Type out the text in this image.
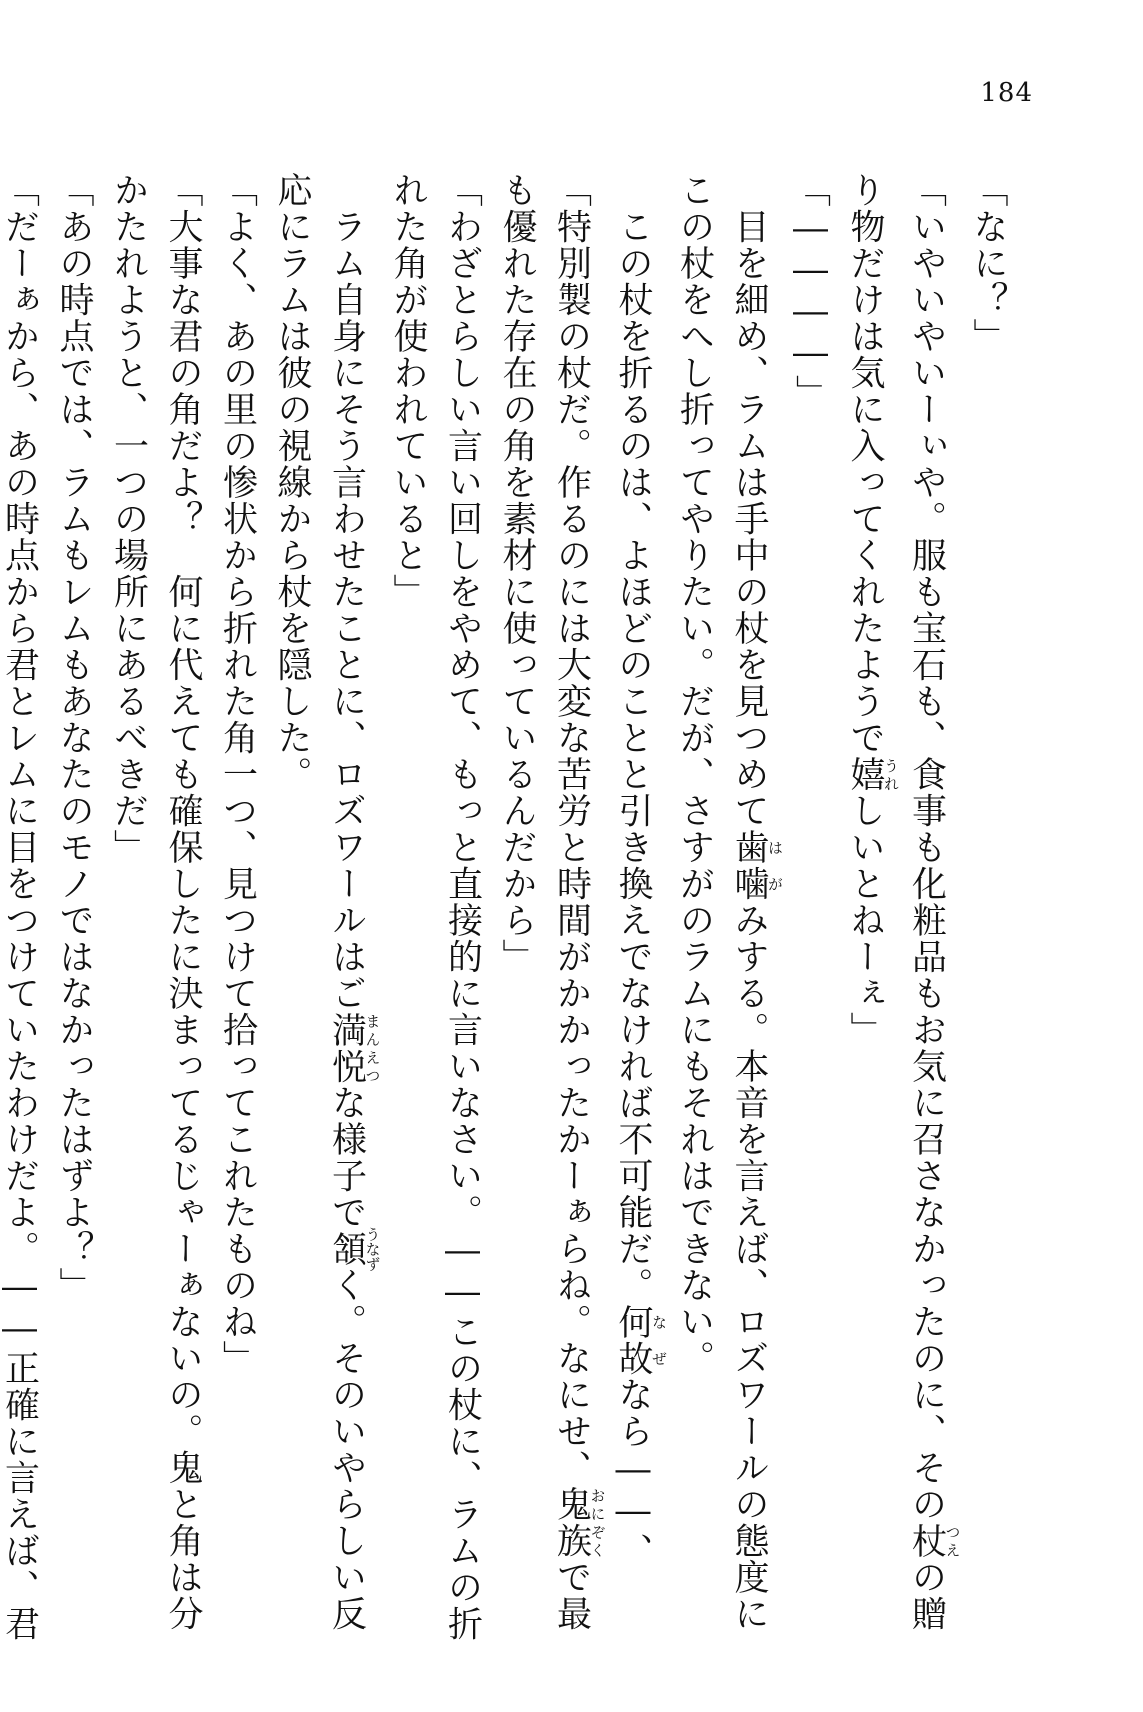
184
「なに？」
「いやいやいーぃや。服も宝石も、食事も化粧品もお気に召さなかったのに、その杖つえの贈
り物だけは気に入ってくれたようで嬉うれしいとねーぇ」
「――――」
　目を細め、ラムは手中の杖を見つめて歯噛はがみする。本音を言えば、ロズワールの態度に
この杖をへし折ってやりたい。だが、さすがのラムにもそれはできない。
　この杖を折るのは、よほどのことと引き換えでなければ不可能だ。何故なぜなら――、
「特別製の杖だ。作るのには大変な苦労と時間がかかったかーぁらね。なにせ、鬼族おにぞくで最
も優れた存在の角を素材に使っているんだから」
「わざとらしい言い回しをやめて、もっと直接的に言いなさい。――この杖に、ラムの折
れた角が使われていると」
　ラム自身にそう言わせたことに、ロズワールはご満悦まんえつな様子で頷うなずく。そのいやらしい反
応にラムは彼の視線から杖を隠した。
「よく、あの里の惨状から折れた角一つ、見つけて拾ってこれたものね」
「大事な君の角だよ？　何に代えても確保したに決まってるじゃーぁないの。鬼と角は分
かたれようと、一つの場所にあるべきだ」
「あの時点では、ラムもレムもあなたのモノではなかったはずよ？」
「だーぁから、あの時点から君とレムに目をつけていたわけだよ。――正確に言えば、君
